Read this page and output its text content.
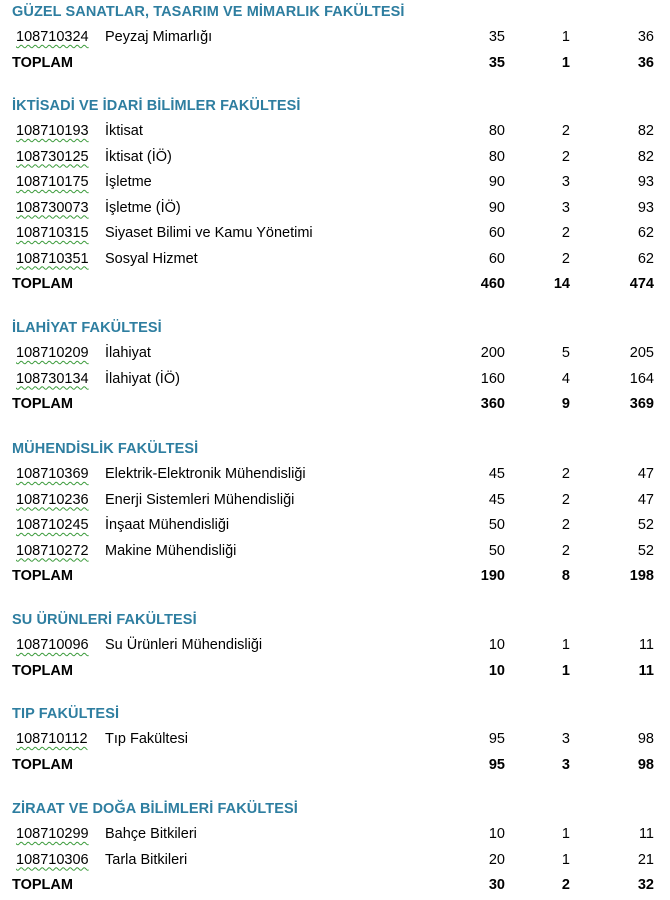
GÜZEL SANATLAR, TASARIM VE MİMARLIK FAKÜLTESİ
108710324 Peyzaj Mimarlığı	35	1	36
TOPLAM	35	1	36
İKTİSADİ VE İDARİ BİLİMLER FAKÜLTESİ
108710193 İktisat	80	2	82
108730125 İktisat (İÖ)	80	2	82
108710175 İşletme	90	3	93
108730073 İşletme (İÖ)	90	3	93
108710315 Siyaset Bilimi ve Kamu Yönetimi	60	2	62
108710351 Sosyal Hizmet	60	2	62
TOPLAM	460	14	474
İLAHİYAT FAKÜLTESİ
108710209 İlahiyat	200	5	205
108730134 İlahiyat (İÖ)	160	4	164
TOPLAM	360	9	369
MÜHENDİSLİK FAKÜLTESİ
108710369 Elektrik-Elektronik Mühendisliği	45	2	47
108710236 Enerji Sistemleri Mühendisliği	45	2	47
108710245 İnşaat Mühendisliği	50	2	52
108710272 Makine Mühendisliği	50	2	52
TOPLAM	190	8	198
SU ÜRÜNLERİ FAKÜLTESİ
108710096 Su Ürünleri Mühendisliği	10	1	11
TOPLAM	10	1	11
TIP FAKÜLTESİ
108710112 Tıp Fakültesi	95	3	98
TOPLAM	95	3	98
ZİRAAT VE DOĞA BİLİMLERİ FAKÜLTESİ
108710299 Bahçe Bitkileri	10	1	11
108710306 Tarla Bitkileri	20	1	21
TOPLAM	30	2	32
